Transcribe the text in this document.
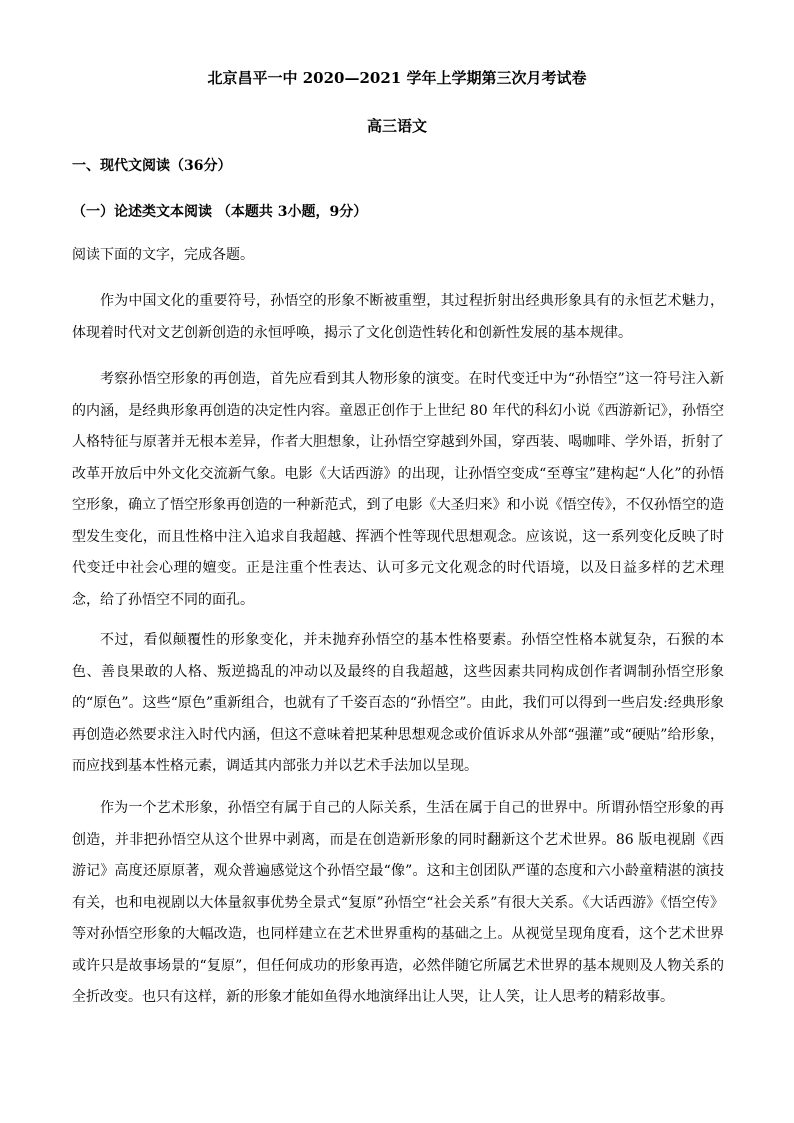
北京昌平一中 2020—2021 学年上学期第三次月考试卷
高三语文
一、现代文阅读（36分）
（一）论述类文本阅读 （本题共 3小题，9分）
阅读下面的文字，完成各题。

作为中国文化的重要符号，孙悟空的形象不断被重塑，其过程折射出经典形象具有的永恒艺术魅力，体现着时代对文艺创新创造的永恒呼唤，揭示了文化创造性转化和创新性发展的基本规律。

考察孙悟空形象的再创造，首先应看到其人物形象的演变。在时代变迁中为“孙悟空”这一符号注入新的内涵，是经典形象再创造的决定性内容。童恩正创作于上世纪 80 年代的科幻小说《西游新记》，孙悟空人格特征与原著并无根本差异，作者大胆想象，让孙悟空穿越到外国，穿西装、喝咖啡、学外语，折射了改革开放后中外文化交流新气象。电影《大话西游》的出现，让孙悟空变成“至尊宝”建构起“人化”的孙悟空形象，确立了悟空形象再创造的一种新范式，到了电影《大圣归来》和小说《悟空传》，不仅孙悟空的造型发生变化，而且性格中注入追求自我超越、挥洒个性等现代思想观念。应该说，这一系列变化反映了时代变迁中社会心理的嬗变。正是注重个性表达、认可多元文化观念的时代语境，以及日益多样的艺术理念，给了孙悟空不同的面孔。

不过，看似颠覆性的形象变化，并未抛弃孙悟空的基本性格要素。孙悟空性格本就复杂，石猴的本色、善良果敢的人格、叛逆捣乱的冲动以及最终的自我超越，这些因素共同构成创作者调制孙悟空形象的“原色”。这些“原色”重新组合，也就有了千姿百态的“孙悟空”。由此，我们可以得到一些启发:经典形象再创造必然要求注入时代内涵，但这不意味着把某种思想观念或价值诉求从外部“强灌”或“硬贴”给形象，而应找到基本性格元素，调适其内部张力并以艺术手法加以呈现。

作为一个艺术形象，孙悟空有属于自己的人际关系，生活在属于自己的世界中。所谓孙悟空形象的再创造，并非把孙悟空从这个世界中剥离，而是在创造新形象的同时翻新这个艺术世界。86 版电视剧《西游记》高度还原原著，观众普遍感觉这个孙悟空最“像”。这和主创团队严谨的态度和六小龄童精湛的演技有关，也和电视剧以大体量叙事优势全景式“复原”孙悟空“社会关系”有很大关系。《大话西游》《悟空传》等对孙悟空形象的大幅改造，也同样建立在艺术世界重构的基础之上。从视觉呈现角度看，这个艺术世界或许只是故事场景的“复原”，但任何成功的形象再造，必然伴随它所属艺术世界的基本规则及人物关系的全折改变。也只有这样，新的形象才能如鱼得水地演绎出让人哭，让人笑，让人思考的精彩故事。
